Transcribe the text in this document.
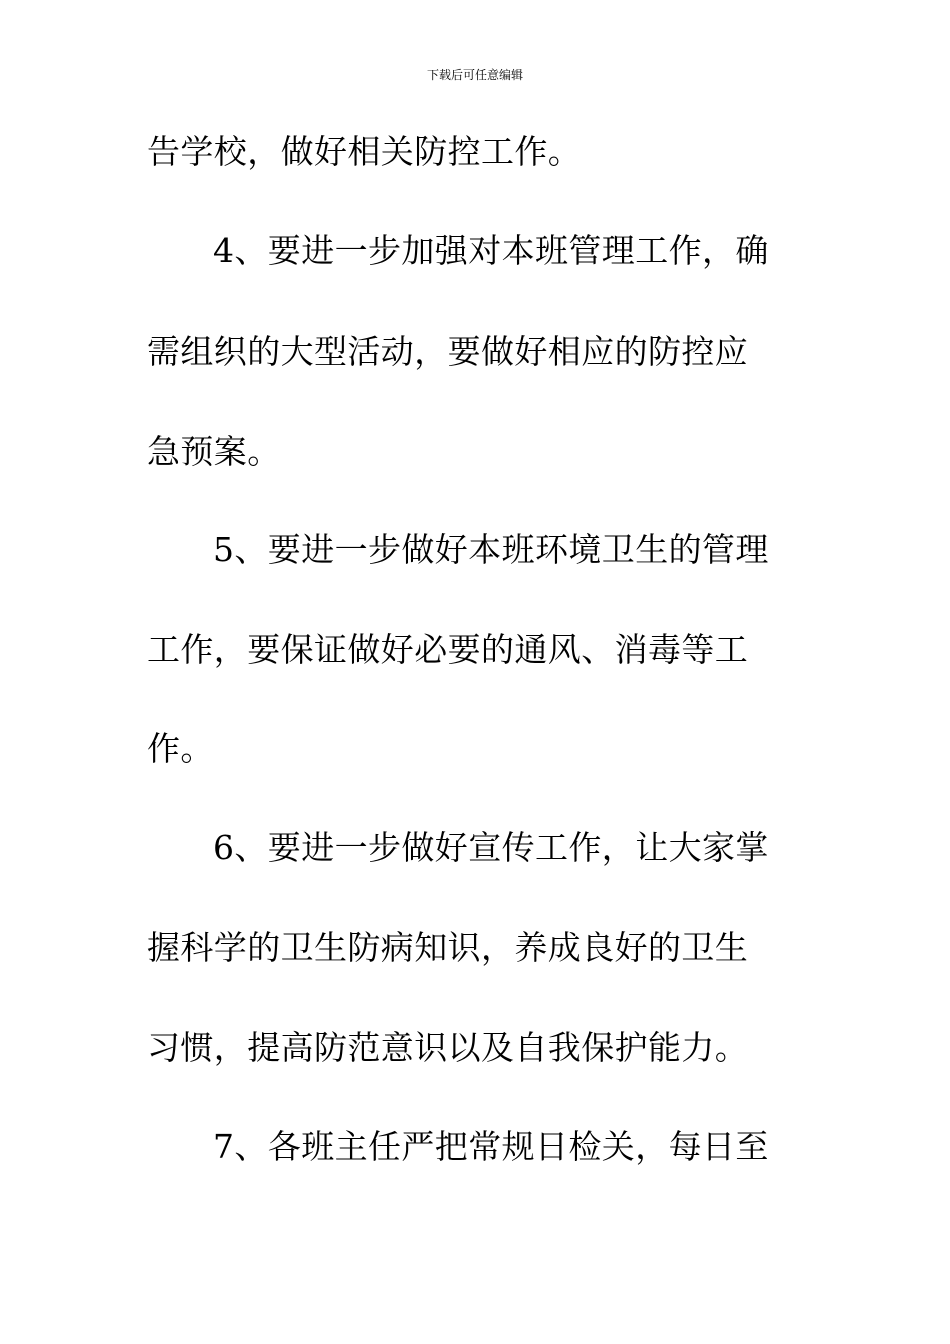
下载后可任意编辑
告学校，做好相关防控工作。
4、要进一步加强对本班管理工作，确
需组织的大型活动，要做好相应的防控应
急预案。
5、要进一步做好本班环境卫生的管理
工作，要保证做好必要的通风、消毒等工
作。
6、要进一步做好宣传工作，让大家掌
握科学的卫生防病知识，养成良好的卫生
习惯，提高防范意识以及自我保护能力。
7、各班主任严把常规日检关，每日至
